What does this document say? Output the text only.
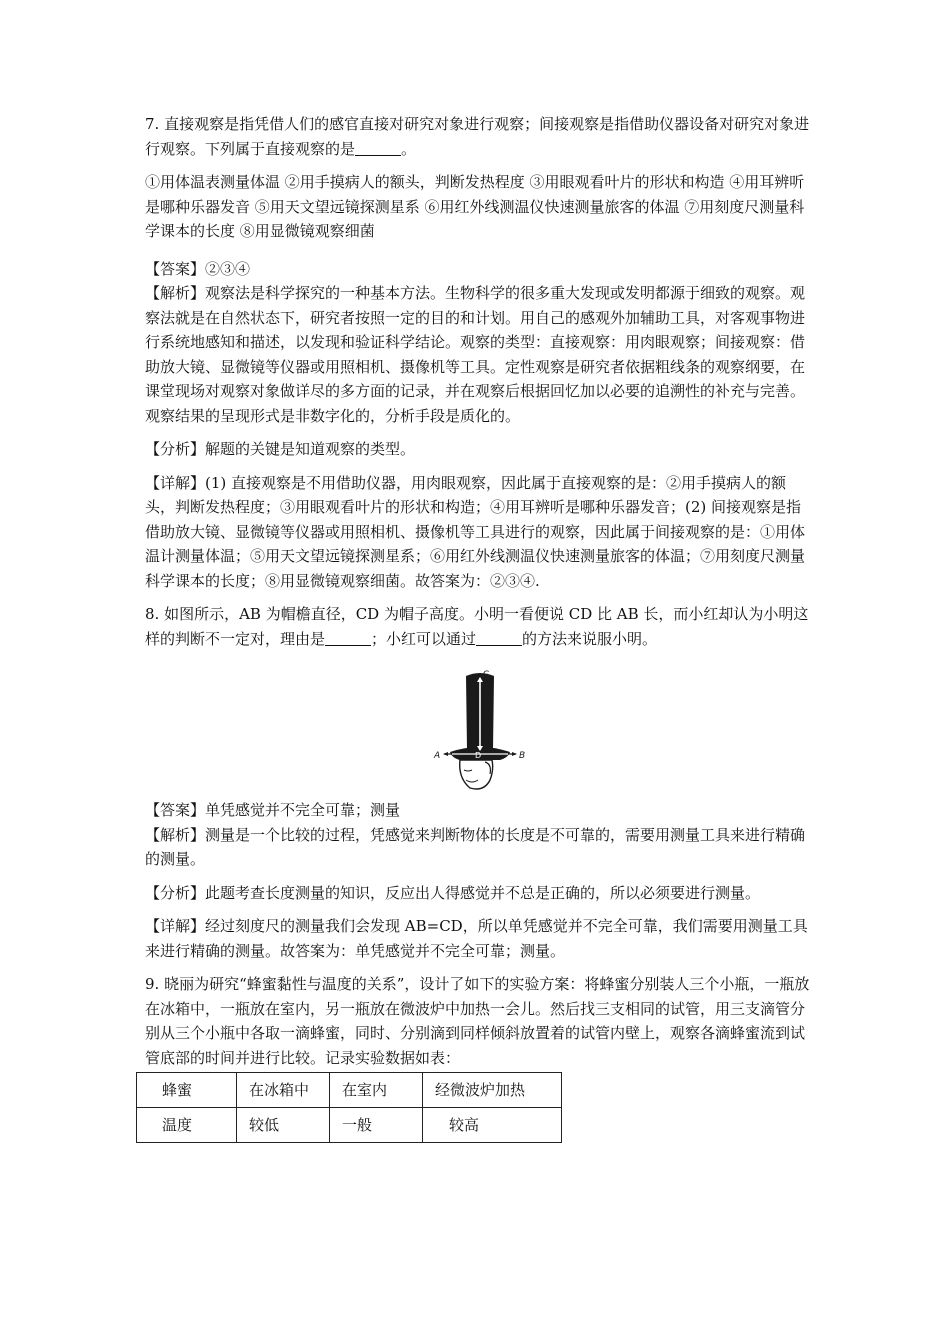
7. 直接观察是指凭借人们的感官直接对研究对象进行观察；间接观察是指借助仪器设备对研究对象进行观察。下列属于直接观察的是	。

①用体温表测量体温 ②用手摸病人的额头，判断发热程度 ③用眼观看叶片的形状和构造 ④用耳辨听是哪种乐器发音 ⑤用天文望远镜探测星系 ⑥用红外线测温仪快速测量旅客的体温 ⑦用刻度尺测量科学课本的长度 ⑧用显微镜观察细菌

【答案】②③④

【解析】观察法是科学探究的一种基本方法。生物科学的很多重大发现或发明都源于细致的观察。观察法就是在自然状态下，研究者按照一定的目的和计划。用自己的感观外加辅助工具，对客观事物进行系统地感知和描述，以发现和验证科学结论。观察的类型：直接观察：用肉眼观察；间接观察：借助放大镜、显微镜等仪器或用照相机、摄像机等工具。定性观察是研究者依据粗线条的观察纲要，在课堂现场对观察对象做详尽的多方面的记录，并在观察后根据回忆加以必要的追溯性的补充与完善。观察结果的呈现形式是非数字化的，分析手段是质化的。

【分析】解题的关键是知道观察的类型。

【详解】(1) 直接观察是不用借助仪器，用肉眼观察，因此属于直接观察的是：②用手摸病人的额头，判断发热程度；③用眼观看叶片的形状和构造；④用耳辨听是哪种乐器发音；(2) 间接观察是指借助放大镜、显微镜等仪器或用照相机、摄像机等工具进行的观察，因此属于间接观察的是：①用体温计测量体温；⑤用天文望远镜探测星系；⑥用红外线测温仪快速测量旅客的体温；⑦用刻度尺测量科学课本的长度；⑧用显微镜观察细菌。故答案为：②③④.

8. 如图所示，AB 为帽檐直径，CD 为帽子高度。小明一看便说 CD 比 AB 长，而小红却认为小明这样的判断不一定对，理由是	；小红可以通过	的方法来说服小明。

C
D
A	B

【答案】单凭感觉并不完全可靠；测量

【解析】测量是一个比较的过程，凭感觉来判断物体的长度是不可靠的，需要用测量工具来进行精确的测量。

【分析】此题考查长度测量的知识，反应出人得感觉并不总是正确的，所以必须要进行测量。

【详解】经过刻度尺的测量我们会发现 AB=CD，所以单凭感觉并不完全可靠，我们需要用测量工具来进行精确的测量。故答案为：单凭感觉并不完全可靠；测量。

9. 晓丽为研究“蜂蜜黏性与温度的关系”，设计了如下的实验方案：将蜂蜜分别装人三个小瓶，一瓶放在冰箱中，一瓶放在室内，另一瓶放在微波炉中加热一会儿。然后找三支相同的试管，用三支滴管分别从三个小瓶中各取一滴蜂蜜，同时、分别滴到同样倾斜放置着的试管内壁上，观察各滴蜂蜜流到试管底部的时间并进行比较。记录实验数据如表：

蜂蜜	在冰箱中	在室内	经微波炉加热
温度	较低	一般	较高
